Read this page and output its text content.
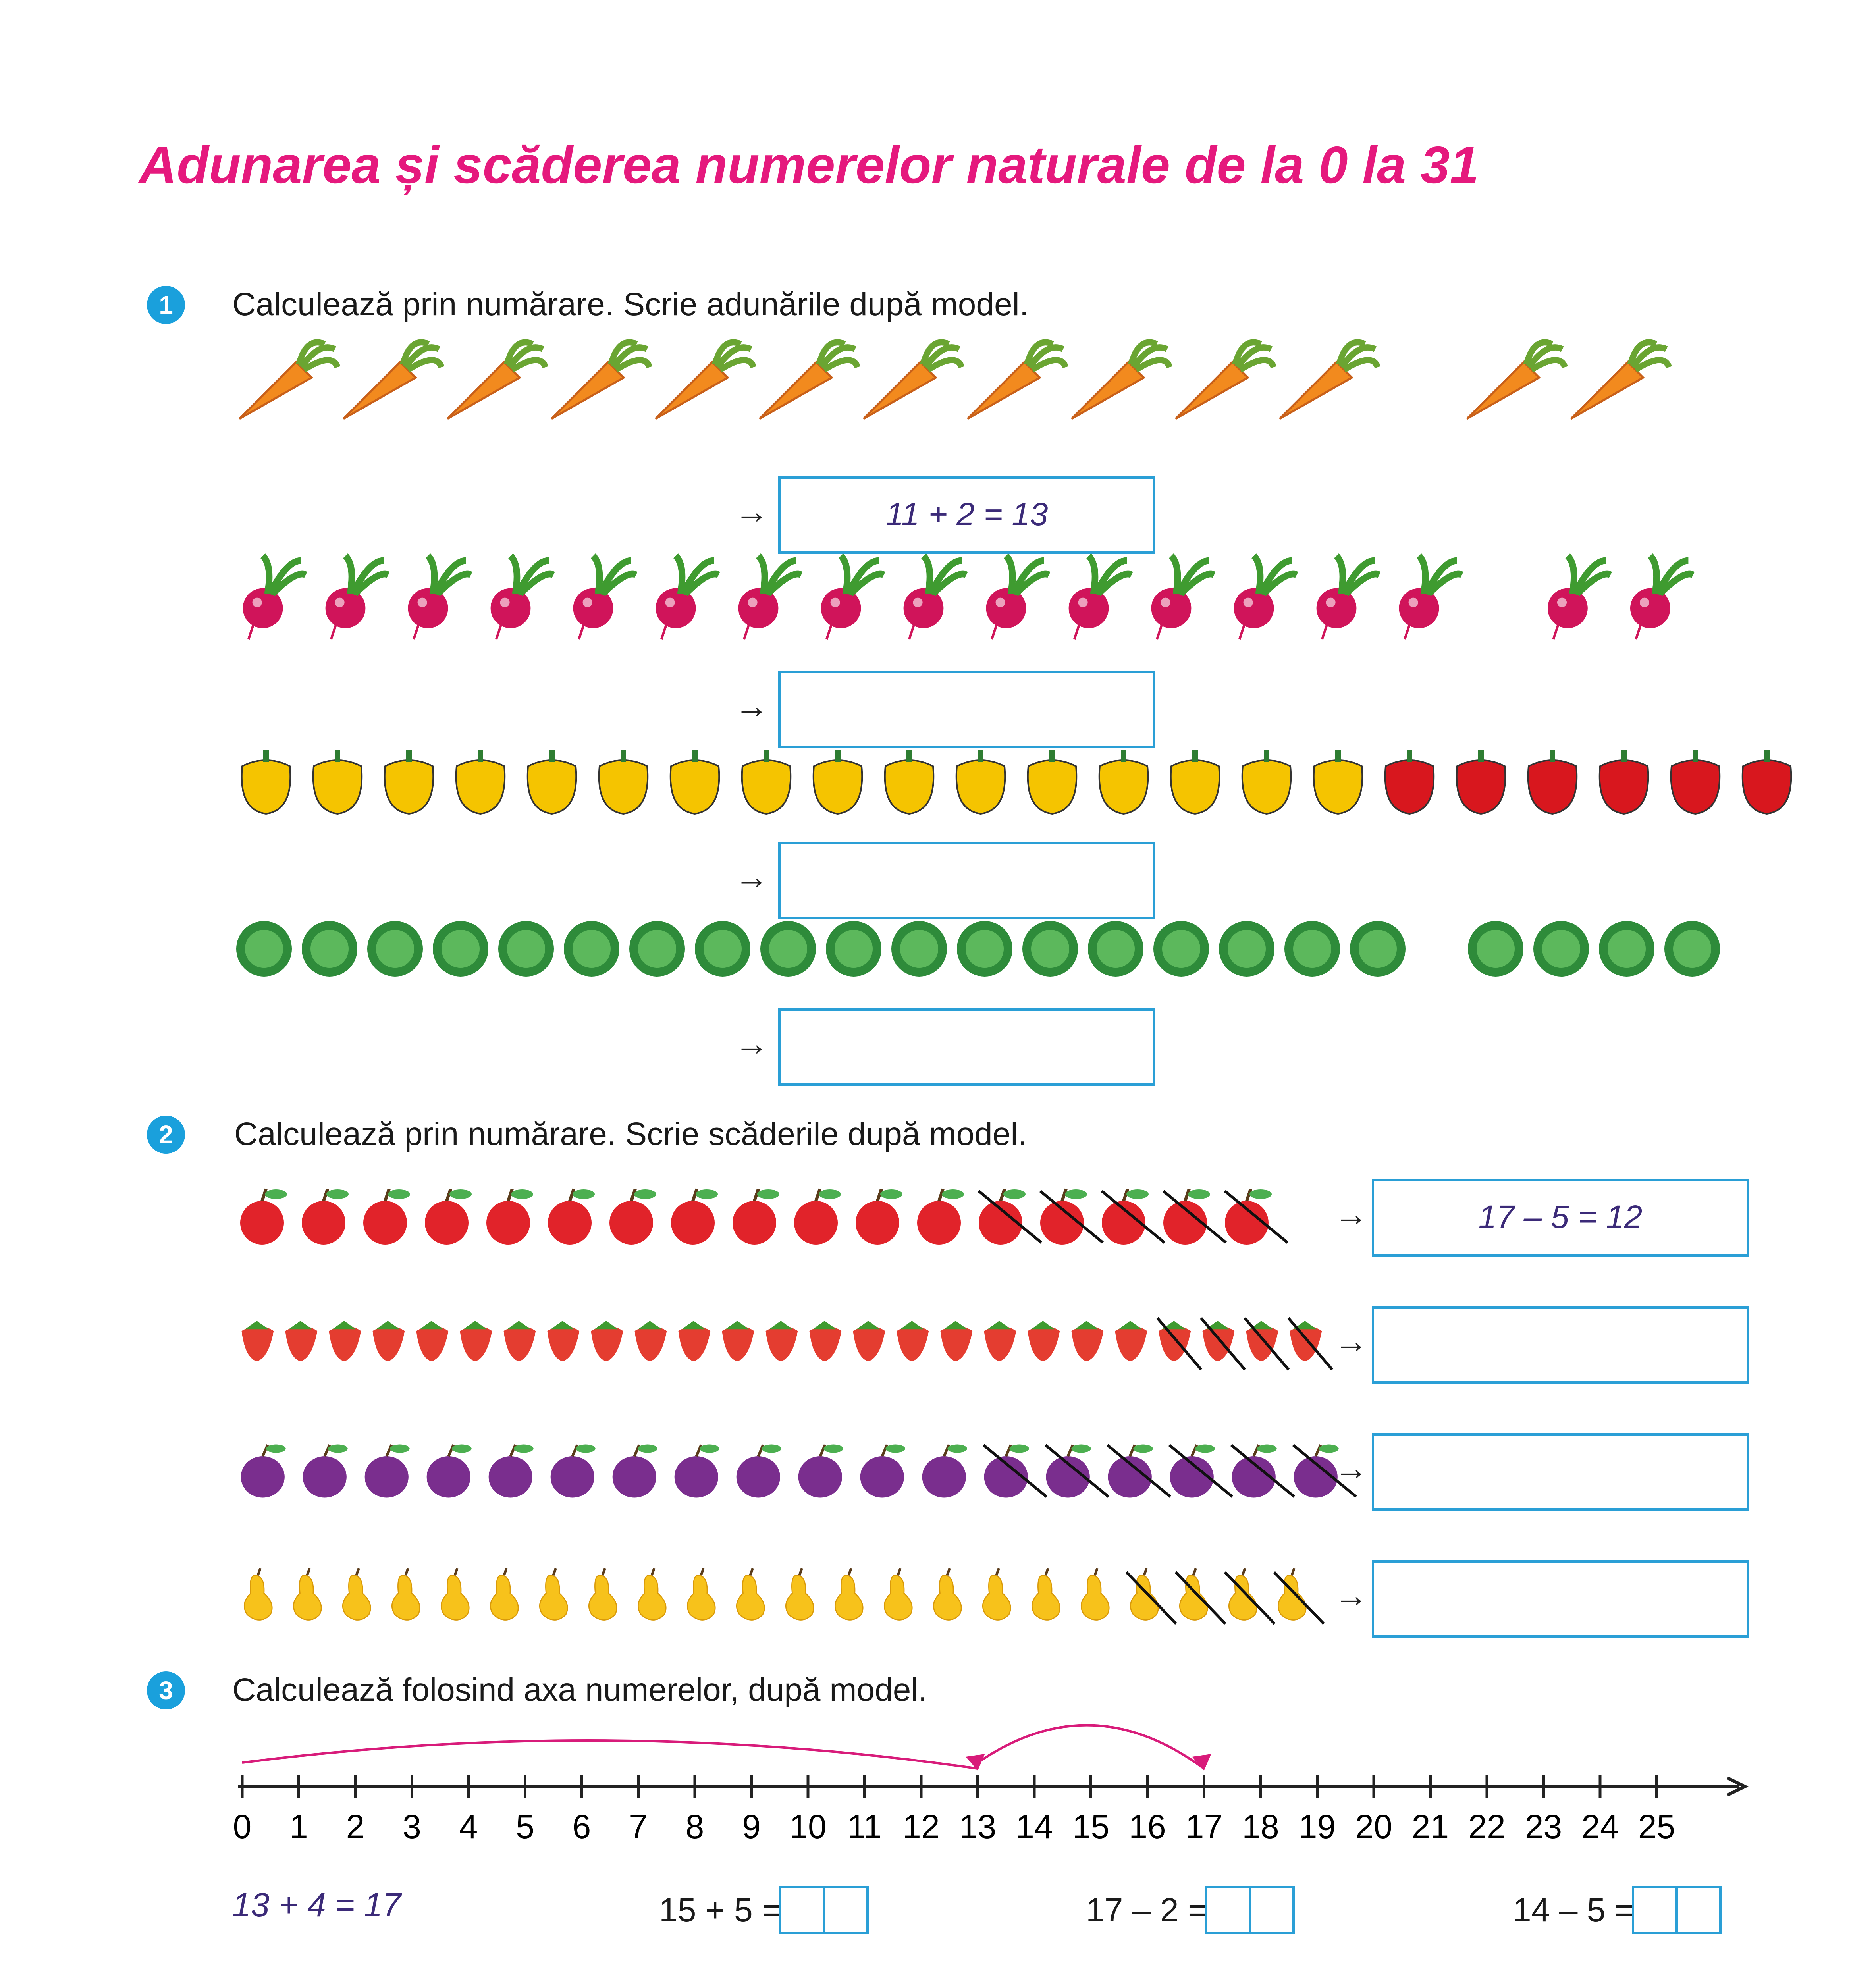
Adunarea și scăderea numerelor naturale de la 0 la 31
1	Calculează prin numărare. Scrie adunările după model.
→	11 + 2 = 13
→
→
→
2	Calculează prin numărare. Scrie scăderile după model.
→	17 – 5 = 12
→
→
→
3	Calculează folosind axa numerelor, după model.
0 1 2 3 4 5 6 7 8 9 10 11 12 13 14 15 16 17 18 19 20 21 22 23 24 25
13 + 4 = 17	15 + 5 =	17 – 2 =	14 – 5 =
